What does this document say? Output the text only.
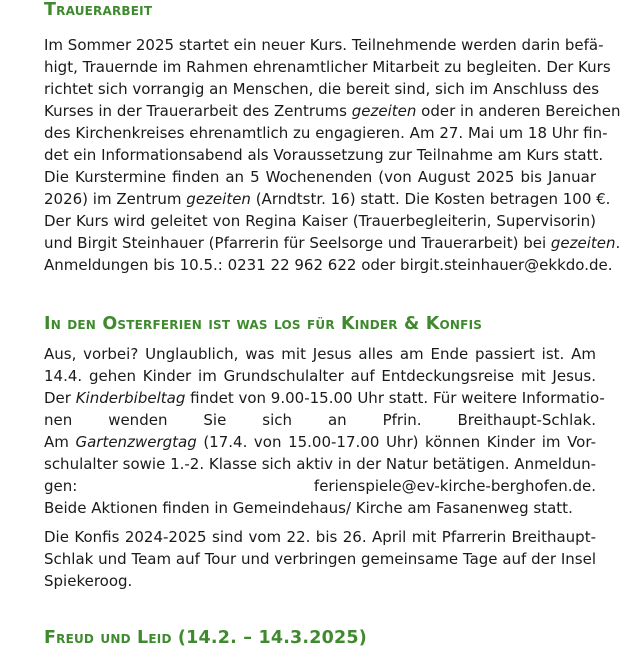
Trauerarbeit
Im Sommer 2025 startet ein neuer Kurs. Teilnehmende werden darin befä-
higt, Trauernde im Rahmen ehrenamtlicher Mitarbeit zu begleiten. Der Kurs
richtet sich vorrangig an Menschen, die bereit sind, sich im Anschluss des
Kurses in der Trauerarbeit des Zentrums gezeiten oder in anderen Bereichen
des Kirchenkreises ehrenamtlich zu engagieren. Am 27. Mai um 18 Uhr fin-
det ein Informationsabend als Voraussetzung zur Teilnahme am Kurs statt.
Die Kurstermine finden an 5 Wochenenden (von August 2025 bis Januar
2026) im Zentrum gezeiten (Arndtstr. 16) statt. Die Kosten betragen 100 €.
Der Kurs wird geleitet von Regina Kaiser (Trauerbegleiterin, Supervisorin)
und Birgit Steinhauer (Pfarrerin für Seelsorge und Trauerarbeit) bei gezeiten.
Anmeldungen bis 10.5.: 0231 22 962 622 oder birgit.steinhauer@ekkdo.de.
In den Osterferien ist was los für Kinder & Konfis
Aus, vorbei? Unglaublich, was mit Jesus alles am Ende passiert ist. Am
14.4. gehen Kinder im Grundschulalter auf Entdeckungsreise mit Jesus.
Der Kinderbibeltag findet von 9.00-15.00 Uhr statt. Für weitere Informatio-
nen wenden Sie sich an Pfrin. Breithaupt-Schlak.
Am Gartenzwergtag (17.4. von 15.00-17.00 Uhr) können Kinder im Vor-
schulalter sowie 1.-2. Klasse sich aktiv in der Natur betätigen. Anmeldun-
gen: ferienspiele@ev-kirche-berghofen.de.
Beide Aktionen finden in Gemeindehaus/ Kirche am Fasanenweg statt.
Die Konfis 2024-2025 sind vom 22. bis 26. April mit Pfarrerin Breithaupt-
Schlak und Team auf Tour und verbringen gemeinsame Tage auf der Insel
Spiekeroog.
Freud und Leid (14.2. – 14.3.2025)
